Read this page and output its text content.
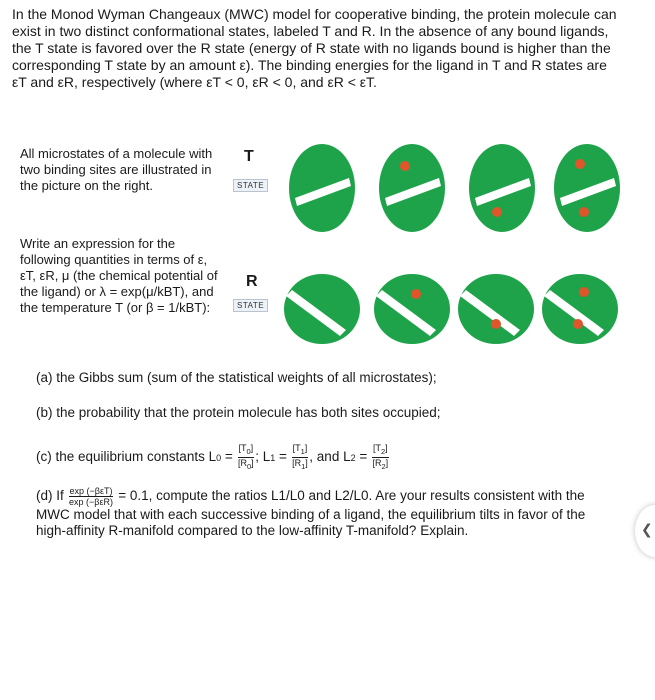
In the Monod Wyman Changeaux (MWC) model for cooperative binding, the protein molecule can exist in two distinct conformational states, labeled T and R. In the absence of any bound ligands, the T state is favored over the R state (energy of R state with no ligands bound is higher than the corresponding T state by an amount ε). The binding energies for the ligand in T and R states are εT and εR, respectively (where εT < 0, εR < 0, and εR < εT.

All microstates of a molecule with two binding sites are illustrated in the picture on the right.

Write an expression for the following quantities in terms of ε, εT, εR, μ (the chemical potential of the ligand) or λ = exp(μ/kBT), and the temperature T (or β = 1/kBT):

T
STATE
R
STATE

(a) the Gibbs sum (sum of the statistical weights of all microstates);

(b) the probability that the protein molecule has both sites occupied;

(c) the equilibrium constants $L0 = \frac{[T_0]}{[R_0]}$ ; $L1 = \frac{[T_1]}{[R_1]}$ , and $L2 = \frac{[T_2]}{[R_2]}$

(d) If $\frac{\text{exp (−βεT)}}{\text{exp (−βεR)}} = 0.1$, compute the ratios L1/L0 and L2/L0. Are your results consistent with the MWC model that with each successive binding of a ligand, the equilibrium tilts in favor of the high-affinity R-manifold compared to the low-affinity T-manifold? Explain.	❮
